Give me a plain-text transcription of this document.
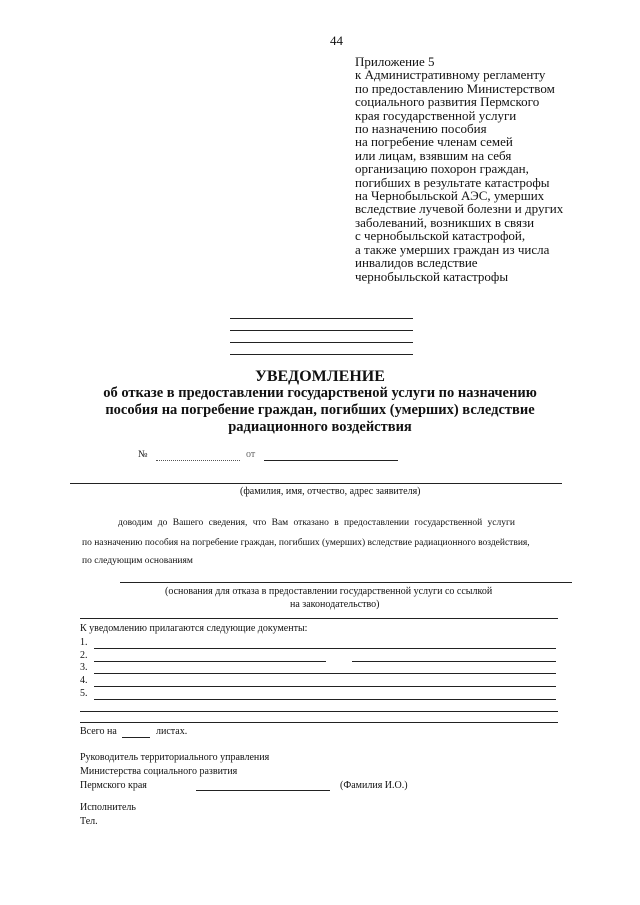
44
Приложение 5
к Административному регламенту
по предоставлению Министерством
социального развития Пермского
края государственной услуги
по назначению пособия
на погребение членам семей
или лицам, взявшим на себя
организацию похорон граждан,
погибших в результате катастрофы
на Чернобыльской АЭС, умерших
вследствие лучевой болезни и других
заболеваний, возникших в связи
с чернобыльской катастрофой,
а также умерших граждан из числа
инвалидов вследствие
чернобыльской катастрофы
УВЕДОМЛЕНИЕ
об отказе в предоставлении государственой услуги по назначению
пособия на погребение граждан, погибших (умерших) вследствие
радиационного воздействия
№	от
(фамилия, имя, отчество, адрес заявителя)
доводим до Вашего сведения, что Вам отказано в предоставлении государственной услуги
по назначению пособия на погребение граждан, погибших (умерших) вследствие радиационного воздействия,
по следующим основаниям
(основания для отказа в предоставлении государственной услуги со ссылкой
на законодательство)
К уведомлению прилагаются следующие документы:
1.
2.
3.
4.
5.
Всего на	листах.
Руководитель территориального управления
Министерства социального развития
Пермского края	(Фамилия И.О.)
Исполнитель
Тел.
